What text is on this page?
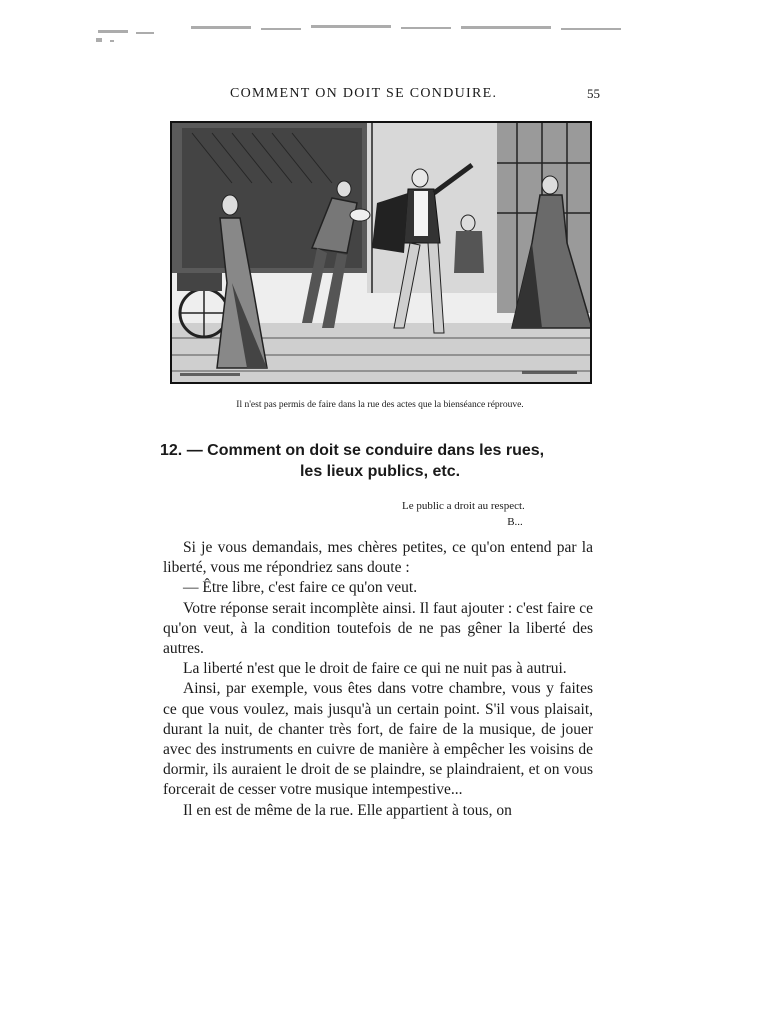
COMMENT ON DOIT SE CONDUIRE.	55
Il n'est pas permis de faire dans la rue des actes que la bienséance réprouve.
12. — Comment on doit se conduire dans les rues,
les lieux publics, etc.
Le public a droit au respect.
B...

Si je vous demandais, mes chères petites, ce qu'on entend par la liberté, vous me répondriez sans doute :

— Être libre, c'est faire ce qu'on veut.

Votre réponse serait incomplète ainsi. Il faut ajouter : c'est faire ce qu'on veut, à la condition toutefois de ne pas gêner la liberté des autres.

La liberté n'est que le droit de faire ce qui ne nuit pas à autrui.

Ainsi, par exemple, vous êtes dans votre chambre, vous y faites ce que vous voulez, mais jusqu'à un certain point. S'il vous plaisait, durant la nuit, de chanter très fort, de faire de la musique, de jouer avec des instruments en cuivre de manière à empêcher les voisins de dormir, ils auraient le droit de se plaindre, se plaindraient, et on vous forcerait de cesser votre musique intempestive...

Il en est de même de la rue. Elle appartient à tous, on
